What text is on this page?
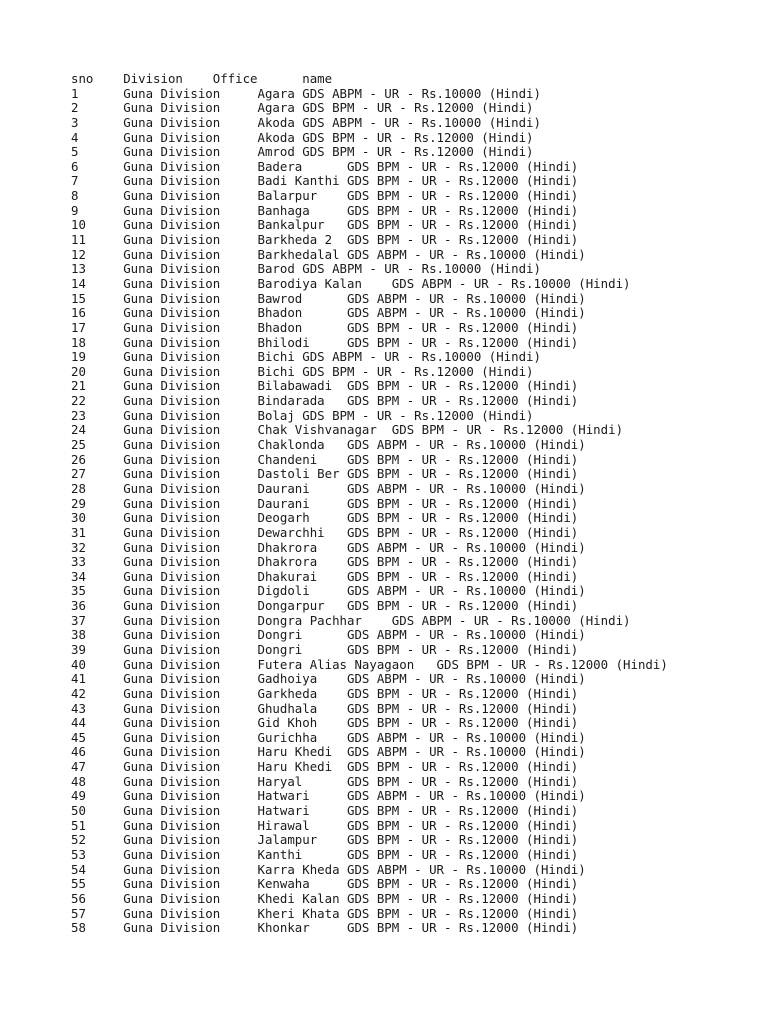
sno    Division    Office      name
1      Guna Division     Agara GDS ABPM - UR - Rs.10000 (Hindi)
2      Guna Division     Agara GDS BPM - UR - Rs.12000 (Hindi)
3      Guna Division     Akoda GDS ABPM - UR - Rs.10000 (Hindi)
4      Guna Division     Akoda GDS BPM - UR - Rs.12000 (Hindi)
5      Guna Division     Amrod GDS BPM - UR - Rs.12000 (Hindi)
6      Guna Division     Badera      GDS BPM - UR - Rs.12000 (Hindi)
7      Guna Division     Badi Kanthi GDS BPM - UR - Rs.12000 (Hindi)
8      Guna Division     Balarpur    GDS BPM - UR - Rs.12000 (Hindi)
9      Guna Division     Banhaga     GDS BPM - UR - Rs.12000 (Hindi)
10     Guna Division     Bankalpur   GDS BPM - UR - Rs.12000 (Hindi)
11     Guna Division     Barkheda 2  GDS BPM - UR - Rs.12000 (Hindi)
12     Guna Division     Barkhedalal GDS ABPM - UR - Rs.10000 (Hindi)
13     Guna Division     Barod GDS ABPM - UR - Rs.10000 (Hindi)
14     Guna Division     Barodiya Kalan    GDS ABPM - UR - Rs.10000 (Hindi)
15     Guna Division     Bawrod      GDS ABPM - UR - Rs.10000 (Hindi)
16     Guna Division     Bhadon      GDS ABPM - UR - Rs.10000 (Hindi)
17     Guna Division     Bhadon      GDS BPM - UR - Rs.12000 (Hindi)
18     Guna Division     Bhilodi     GDS BPM - UR - Rs.12000 (Hindi)
19     Guna Division     Bichi GDS ABPM - UR - Rs.10000 (Hindi)
20     Guna Division     Bichi GDS BPM - UR - Rs.12000 (Hindi)
21     Guna Division     Bilabawadi  GDS BPM - UR - Rs.12000 (Hindi)
22     Guna Division     Bindarada   GDS BPM - UR - Rs.12000 (Hindi)
23     Guna Division     Bolaj GDS BPM - UR - Rs.12000 (Hindi)
24     Guna Division     Chak Vishvanagar  GDS BPM - UR - Rs.12000 (Hindi)
25     Guna Division     Chaklonda   GDS ABPM - UR - Rs.10000 (Hindi)
26     Guna Division     Chandeni    GDS BPM - UR - Rs.12000 (Hindi)
27     Guna Division     Dastoli Ber GDS BPM - UR - Rs.12000 (Hindi)
28     Guna Division     Daurani     GDS ABPM - UR - Rs.10000 (Hindi)
29     Guna Division     Daurani     GDS BPM - UR - Rs.12000 (Hindi)
30     Guna Division     Deogarh     GDS BPM - UR - Rs.12000 (Hindi)
31     Guna Division     Dewarchhi   GDS BPM - UR - Rs.12000 (Hindi)
32     Guna Division     Dhakrora    GDS ABPM - UR - Rs.10000 (Hindi)
33     Guna Division     Dhakrora    GDS BPM - UR - Rs.12000 (Hindi)
34     Guna Division     Dhakurai    GDS BPM - UR - Rs.12000 (Hindi)
35     Guna Division     Digdoli     GDS ABPM - UR - Rs.10000 (Hindi)
36     Guna Division     Dongarpur   GDS BPM - UR - Rs.12000 (Hindi)
37     Guna Division     Dongra Pachhar    GDS ABPM - UR - Rs.10000 (Hindi)
38     Guna Division     Dongri      GDS ABPM - UR - Rs.10000 (Hindi)
39     Guna Division     Dongri      GDS BPM - UR - Rs.12000 (Hindi)
40     Guna Division     Futera Alias Nayagaon   GDS BPM - UR - Rs.12000 (Hindi)
41     Guna Division     Gadhoiya    GDS ABPM - UR - Rs.10000 (Hindi)
42     Guna Division     Garkheda    GDS BPM - UR - Rs.12000 (Hindi)
43     Guna Division     Ghudhala    GDS BPM - UR - Rs.12000 (Hindi)
44     Guna Division     Gid Khoh    GDS BPM - UR - Rs.12000 (Hindi)
45     Guna Division     Gurichha    GDS ABPM - UR - Rs.10000 (Hindi)
46     Guna Division     Haru Khedi  GDS ABPM - UR - Rs.10000 (Hindi)
47     Guna Division     Haru Khedi  GDS BPM - UR - Rs.12000 (Hindi)
48     Guna Division     Haryal      GDS BPM - UR - Rs.12000 (Hindi)
49     Guna Division     Hatwari     GDS ABPM - UR - Rs.10000 (Hindi)
50     Guna Division     Hatwari     GDS BPM - UR - Rs.12000 (Hindi)
51     Guna Division     Hirawal     GDS BPM - UR - Rs.12000 (Hindi)
52     Guna Division     Jalampur    GDS BPM - UR - Rs.12000 (Hindi)
53     Guna Division     Kanthi      GDS BPM - UR - Rs.12000 (Hindi)
54     Guna Division     Karra Kheda GDS ABPM - UR - Rs.10000 (Hindi)
55     Guna Division     Kenwaha     GDS BPM - UR - Rs.12000 (Hindi)
56     Guna Division     Khedi Kalan GDS BPM - UR - Rs.12000 (Hindi)
57     Guna Division     Kheri Khata GDS BPM - UR - Rs.12000 (Hindi)
58     Guna Division     Khonkar     GDS BPM - UR - Rs.12000 (Hindi)
